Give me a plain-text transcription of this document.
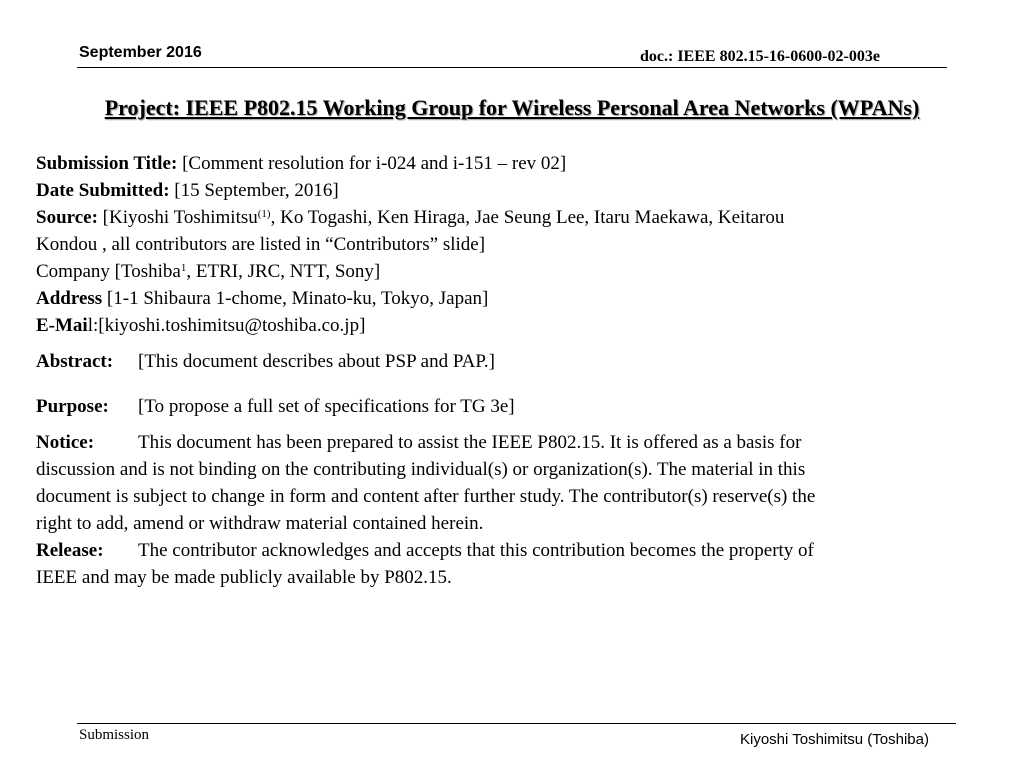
September 2016	doc.: IEEE 802.15-16-0600-02-003e
Project: IEEE P802.15 Working Group for Wireless Personal Area Networks (WPANs)
Submission Title: [Comment resolution for i-024 and i-151 – rev 02]
Date Submitted: [15 September, 2016]
Source: [Kiyoshi Toshimitsu$^{(1)}$, Ko Togashi, Ken Hiraga, Jae Seung Lee, Itaru Maekawa, Keitarou
Kondou , all contributors are listed in “Contributors” slide]
Company [Toshiba$^1$, ETRI, JRC, NTT, Sony]
Address [1-1 Shibaura 1-chome, Minato-ku, Tokyo, Japan]
E-Mail:[kiyoshi.toshimitsu@toshiba.co.jp]
Abstract: [This document describes about PSP and PAP.]
Purpose: [To propose a full set of specifications for TG 3e]
Notice: This document has been prepared to assist the IEEE P802.15. It is offered as a basis for
discussion and is not binding on the contributing individual(s) or organization(s). The material in this
document is subject to change in form and content after further study. The contributor(s) reserve(s) the
right to add, amend or withdraw material contained herein.
Release: The contributor acknowledges and accepts that this contribution becomes the property of
IEEE and may be made publicly available by P802.15.
Submission	Kiyoshi Toshimitsu (Toshiba)
